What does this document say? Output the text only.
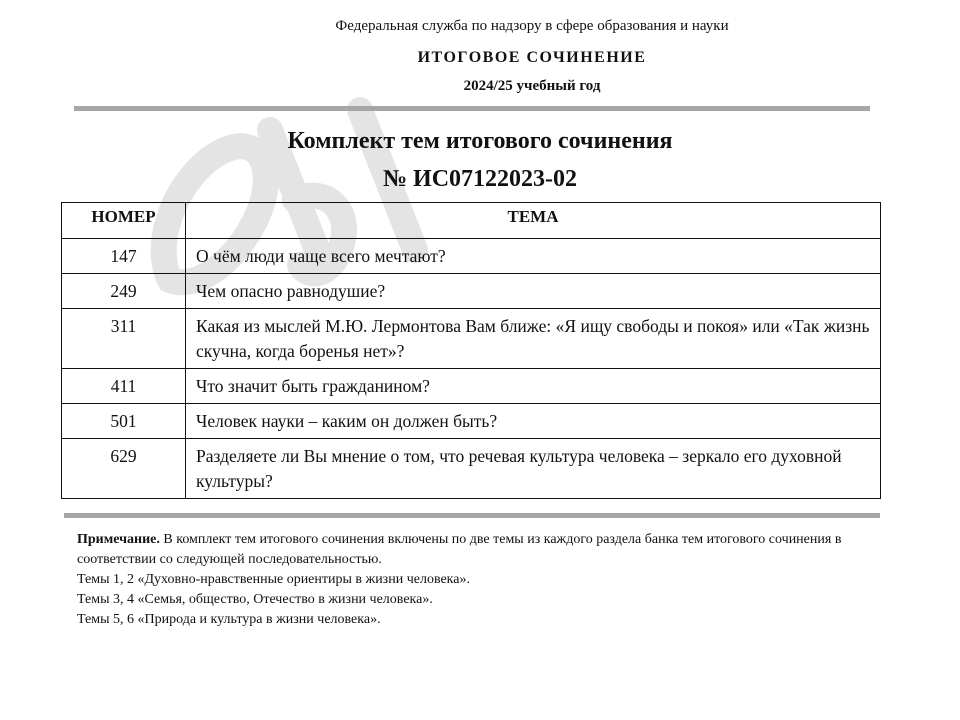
Федеральная служба по надзору в сфере образования и науки
ИТОГОВОЕ СОЧИНЕНИЕ
2024/25 учебный год
Комплект тем итогового сочинения
№ ИС07122023-02
НОМЕР	ТЕМА
147	О чём люди чаще всего мечтают?
249	Чем опасно равнодушие?
311	Какая из мыслей М.Ю. Лермонтова Вам ближе: «Я ищу свободы и покоя» или «Так жизнь скучна, когда боренья нет»?
411	Что значит быть гражданином?
501	Человек науки – каким он должен быть?
629	Разделяете ли Вы мнение о том, что речевая культура человека – зеркало его духовной культуры?

Примечание. В комплект тем итогового сочинения включены по две темы из каждого раздела банка тем итогового сочинения в соответствии со следующей последовательностью.

Темы 1, 2 «Духовно-нравственные ориентиры в жизни человека».

Темы 3, 4 «Семья, общество, Отечество в жизни человека».

Темы 5, 6 «Природа и культура в жизни человека».
